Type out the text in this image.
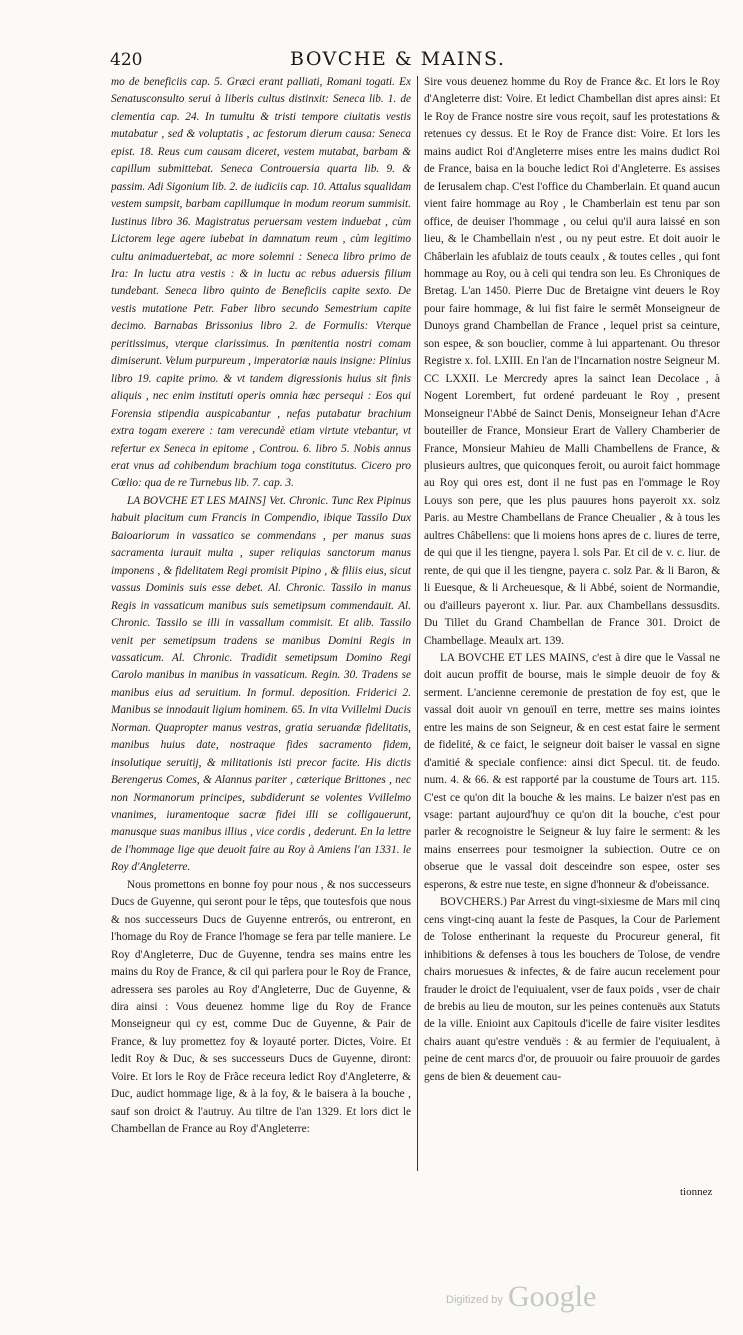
420	BOVCHE & MAINS.

mo de beneficiis cap. 5. Græci erant palliati, Romani togati. Ex Senatusconsulto serui à liberis cultus distinxit: Seneca lib. 1. de clementia cap. 24. In tumultu & tristi tempore ciuitatis vestis mutabatur , sed & voluptatis , ac festorum dierum causa: Seneca epist. 18. Reus cum causam diceret, vestem mutabat, barbam & capillum submittebat. Seneca Controuersia quarta lib. 9. & passim. Adi Sigonium lib. 2. de iudiciis cap. 10. Attalus squalidam vestem sumpsit, barbam capillumque in modum reorum summisit. Iustinus libro 36. Magistratus peruersam vestem induebat , cùm Lictorem lege agere iubebat in damnatum reum , cùm legitimo cultu animaduertebat, ac more solemni : Seneca libro primo de Ira: In luctu atra vestis : & in luctu ac rebus aduersis filium tundebant. Seneca libro quinto de Beneficiis capite sexto. De vestis mutatione Petr. Faber libro secundo Semestrium capite decimo. Barnabas Brissonius libro 2. de Formulis: Vterque peritissimus, vterque clarissimus. In pœnitentia nostri comam dimiserunt. Velum purpureum , imperatoriæ nauis insigne: Plinius libro 19. capite primo. & vt tandem digressionis huius sit finis aliquis , nec enim instituti operis omnia hæc persequi : Eos qui Forensia stipendia auspicabantur , nefas putabatur brachium extra togam exerere : tam verecundè etiam virtute vtebantur, vt refertur ex Seneca in epitome , Controu. 6. libro 5. Nobis annus erat vnus ad cohibendum brachium toga constitutus. Cicero pro Cœlio: qua de re Turnebus lib. 7. cap. 3.

LA BOVCHE ET LES MAINS] Vet. Chronic. Tunc Rex Pipinus habuit placitum cum Francis in Compendio, ibique Tassilo Dux Baioariorum in vassatico se commendans , per manus suas sacramenta iurauit multa , super reliquias sanctorum manus imponens , & fidelitatem Regi promisit Pipino , & filiis eius, sicut vassus Dominis suis esse debet. Al. Chronic. Tassilo in manus Regis in vassaticum manibus suis semetipsum commendauit. Al. Chronic. Tassilo se illi in vassallum commisit. Et alib. Tassilo venit per semetipsum tradens se manibus Domini Regis in vassaticum. Al. Chronic. Tradidit semetipsum Domino Regi Carolo manibus in manibus in vassaticum. Regin. 30. Tradens se manibus eius ad seruitium. In formul. deposition. Friderici 2. Manibus se innodauit ligium hominem. 65. In vita Vvillelmi Ducis Norman. Quapropter manus vestras, gratia seruandæ fidelitatis, manibus huius date, nostraque fides sacramento fidem, insolutique seruitij, & militationis isti precor facite. His dictis Berengerus Comes, & Alannus pariter , cæterique Brittones , nec non Normanorum principes, subdiderunt se volentes Vvillelmo vnanimes, iuramentoque sacræ fidei illi se colligauerunt, manusque suas manibus illius , vice cordis , dederunt. En la lettre de l'hommage lige que deuoit faire au Roy à Amiens l'an 1331. le Roy d'Angleterre.

Nous promettons en bonne foy pour nous , & nos successeurs Ducs de Guyenne, qui seront pour le têps, que toutesfois que nous & nos successeurs Ducs de Guyenne entrerós, ou entreront, en l'homage du Roy de France l'homage se fera par telle maniere. Le Roy d'Angleterre, Duc de Guyenne, tendra ses mains entre les mains du Roy de France, & cil qui parlera pour le Roy de France, adressera ses paroles au Roy d'Angleterre, Duc de Guyenne, & dira ainsi : Vous deuenez homme lige du Roy de France Monseigneur qui cy est, comme Duc de Guyenne, & Pair de France, & luy promettez foy & loyauté porter. Dictes, Voire. Et ledit Roy & Duc, & ses successeurs Ducs de Guyenne, diront: Voire. Et lors le Roy de Frãce receura ledict Roy d'Angleterre, & Duc, audict hommage lige, & à la foy, & le baisera à la bouche , sauf son droict & l'autruy. Au tiltre de l'an 1329. Et lors dict le Chambellan de France au Roy d'Angleterre:

Sire vous deuenez homme du Roy de France &c. Et lors le Roy d'Angleterre dist: Voire. Et ledict Chambellan dist apres ainsi: Et le Roy de France nostre sire vous reçoit, sauf les protestations & retenues cy dessus. Et le Roy de France dist: Voire. Et lors les mains audict Roi d'Angleterre mises entre les mains dudict Roi de France, baisa en la bouche ledict Roi d'Angleterre. Es assises de Ierusalem chap. C'est l'office du Chamberlain. Et quand aucun vient faire hommage au Roy , le Chamberlain est tenu par son office, de deuiser l'hommage , ou celui qu'il aura laissé en son lieu, & le Chambellain n'est , ou ny peut estre. Et doit auoir le Châberlain les afublaiz de touts ceaulx , & toutes celles , qui font hommage au Roy, ou à celi qui tendra son leu. Es Chroniques de Bretag. L'an 1450. Pierre Duc de Bretaigne vint deuers le Roy pour faire hommage, & lui fist faire le sermêt Monseigneur de Dunoys grand Chambellan de France , lequel prist sa ceinture, son espee, & son bouclier, comme à lui appartenant. Ou thresor Registre x. fol. LXIII. En l'an de l'Incarnation nostre Seigneur M. CC LXXII. Le Mercredy apres la sainct Iean Decolace , à Nogent Lorembert, fut ordené pardeuant le Roy , present Monseigneur l'Abbé de Sainct Denis, Monseigneur Iehan d'Acre bouteiller de France, Monsieur Erart de Vallery Chamberier de France, Monsieur Mahieu de Malli Chambellens de France, & plusieurs aultres, que quiconques feroit, ou auroit faict hommage au Roy qui ores est, dont il ne fust pas en l'ommage le Roy Louys son pere, que les plus pauures hons payeroit xx. solz Paris. au Mestre Chambellans de France Cheualier , & à tous les aultres Châbellens: que li moiens hons apres de c. liures de terre, de qui que il les tiengne, payera l. sols Par. Et cil de v. c. liur. de rente, de qui que il les tiengne, payera c. solz Par. & li Baron, & li Euesque, & li Archeuesque, & li Abbé, soient de Normandie, ou d'ailleurs payeront x. liur. Par. aux Chambellans dessusdits. Du Tillet du Grand Chambellan de France 301. Droict de Chambellage. Meaulx art. 139.

LA BOVCHE ET LES MAINS, c'est à dire que le Vassal ne doit aucun proffit de bourse, mais le simple deuoir de foy & serment. L'ancienne ceremonie de prestation de foy est, que le vassal doit auoir vn genouïl en terre, mettre ses mains iointes entre les mains de son Seigneur, & en cest estat faire le serment de fidelité, & ce faict, le seigneur doit baiser le vassal en signe d'amitié & speciale confience: ainsi dict Specul. tit. de feudo. num. 4. & 66. & est rapporté par la coustume de Tours art. 115. C'est ce qu'on dit la bouche & les mains. Le baizer n'est pas en vsage: partant aujourd'huy ce qu'on dit la bouche, c'est pour parler & recognoistre le Seigneur & luy faire le serment: & les mains enserrees pour tesmoigner la subiection. Outre ce on obserue que le vassal doit desceindre son espee, oster ses esperons, & estre nue teste, en signe d'honneur & d'obeissance.

BOVCHERS.) Par Arrest du vingt-sixiesme de Mars mil cinq cens vingt-cinq auant la feste de Pasques, la Cour de Parlement de Tolose entherinant la requeste du Procureur general, fit inhibitions & defenses à tous les bouchers de Tolose, de vendre chairs moruesues & infectes, & de faire aucun recelement pour frauder le droict de l'equiualent, vser de faux poids , vser de chair de brebis au lieu de mouton, sur les peines contenuës aux Statuts de la ville. Enioint aux Capitouls d'icelle de faire visiter lesdites chairs auant qu'estre venduës : & au fermier de l'equiualent, à peine de cent marcs d'or, de prouuoir ou faire prouuoir de gardes gens de bien & deuement cau-

tionnez
Digitized by Google
